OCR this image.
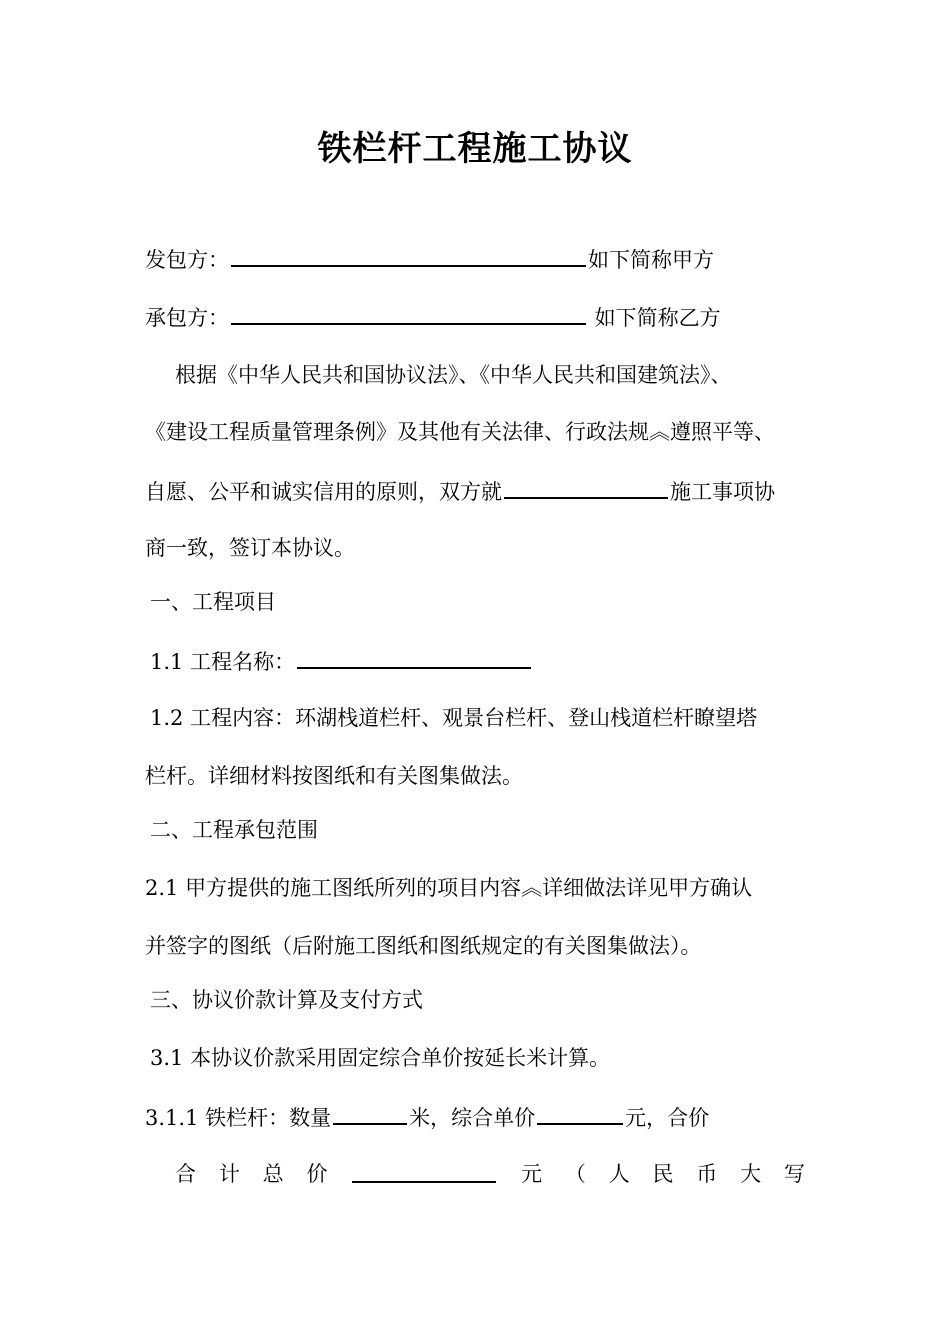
铁栏杆工程施工协议
发包方：	如下简称甲方
承包方：	如下简称乙方
根据《中华人民共和国协议法》、《中华人民共和国建筑法》、
《建设工程质量管理条例》及其他有关法律、行政法规︽遵照平等、
自愿、公平和诚实信用的原则，双方就	施工事项协
商一致，签订本协议。
一、工程项目
1.1 工程名称：
1.2 工程内容：环湖栈道栏杆、观景台栏杆、登山栈道栏杆瞭望塔
栏杆。详细材料按图纸和有关图集做法。
二、工程承包范围
2.1 甲方提供的施工图纸所列的项目内容︽详细做法详见甲方确认
并签字的图纸（后附施工图纸和图纸规定的有关图集做法）。
三、协议价款计算及支付方式
3.1 本协议价款采用固定综合单价按延长米计算。
3.1.1 铁栏杆：数量	米，综合单价	元，合价
合 计 总 价	元 （ 人 民 币 大 写
